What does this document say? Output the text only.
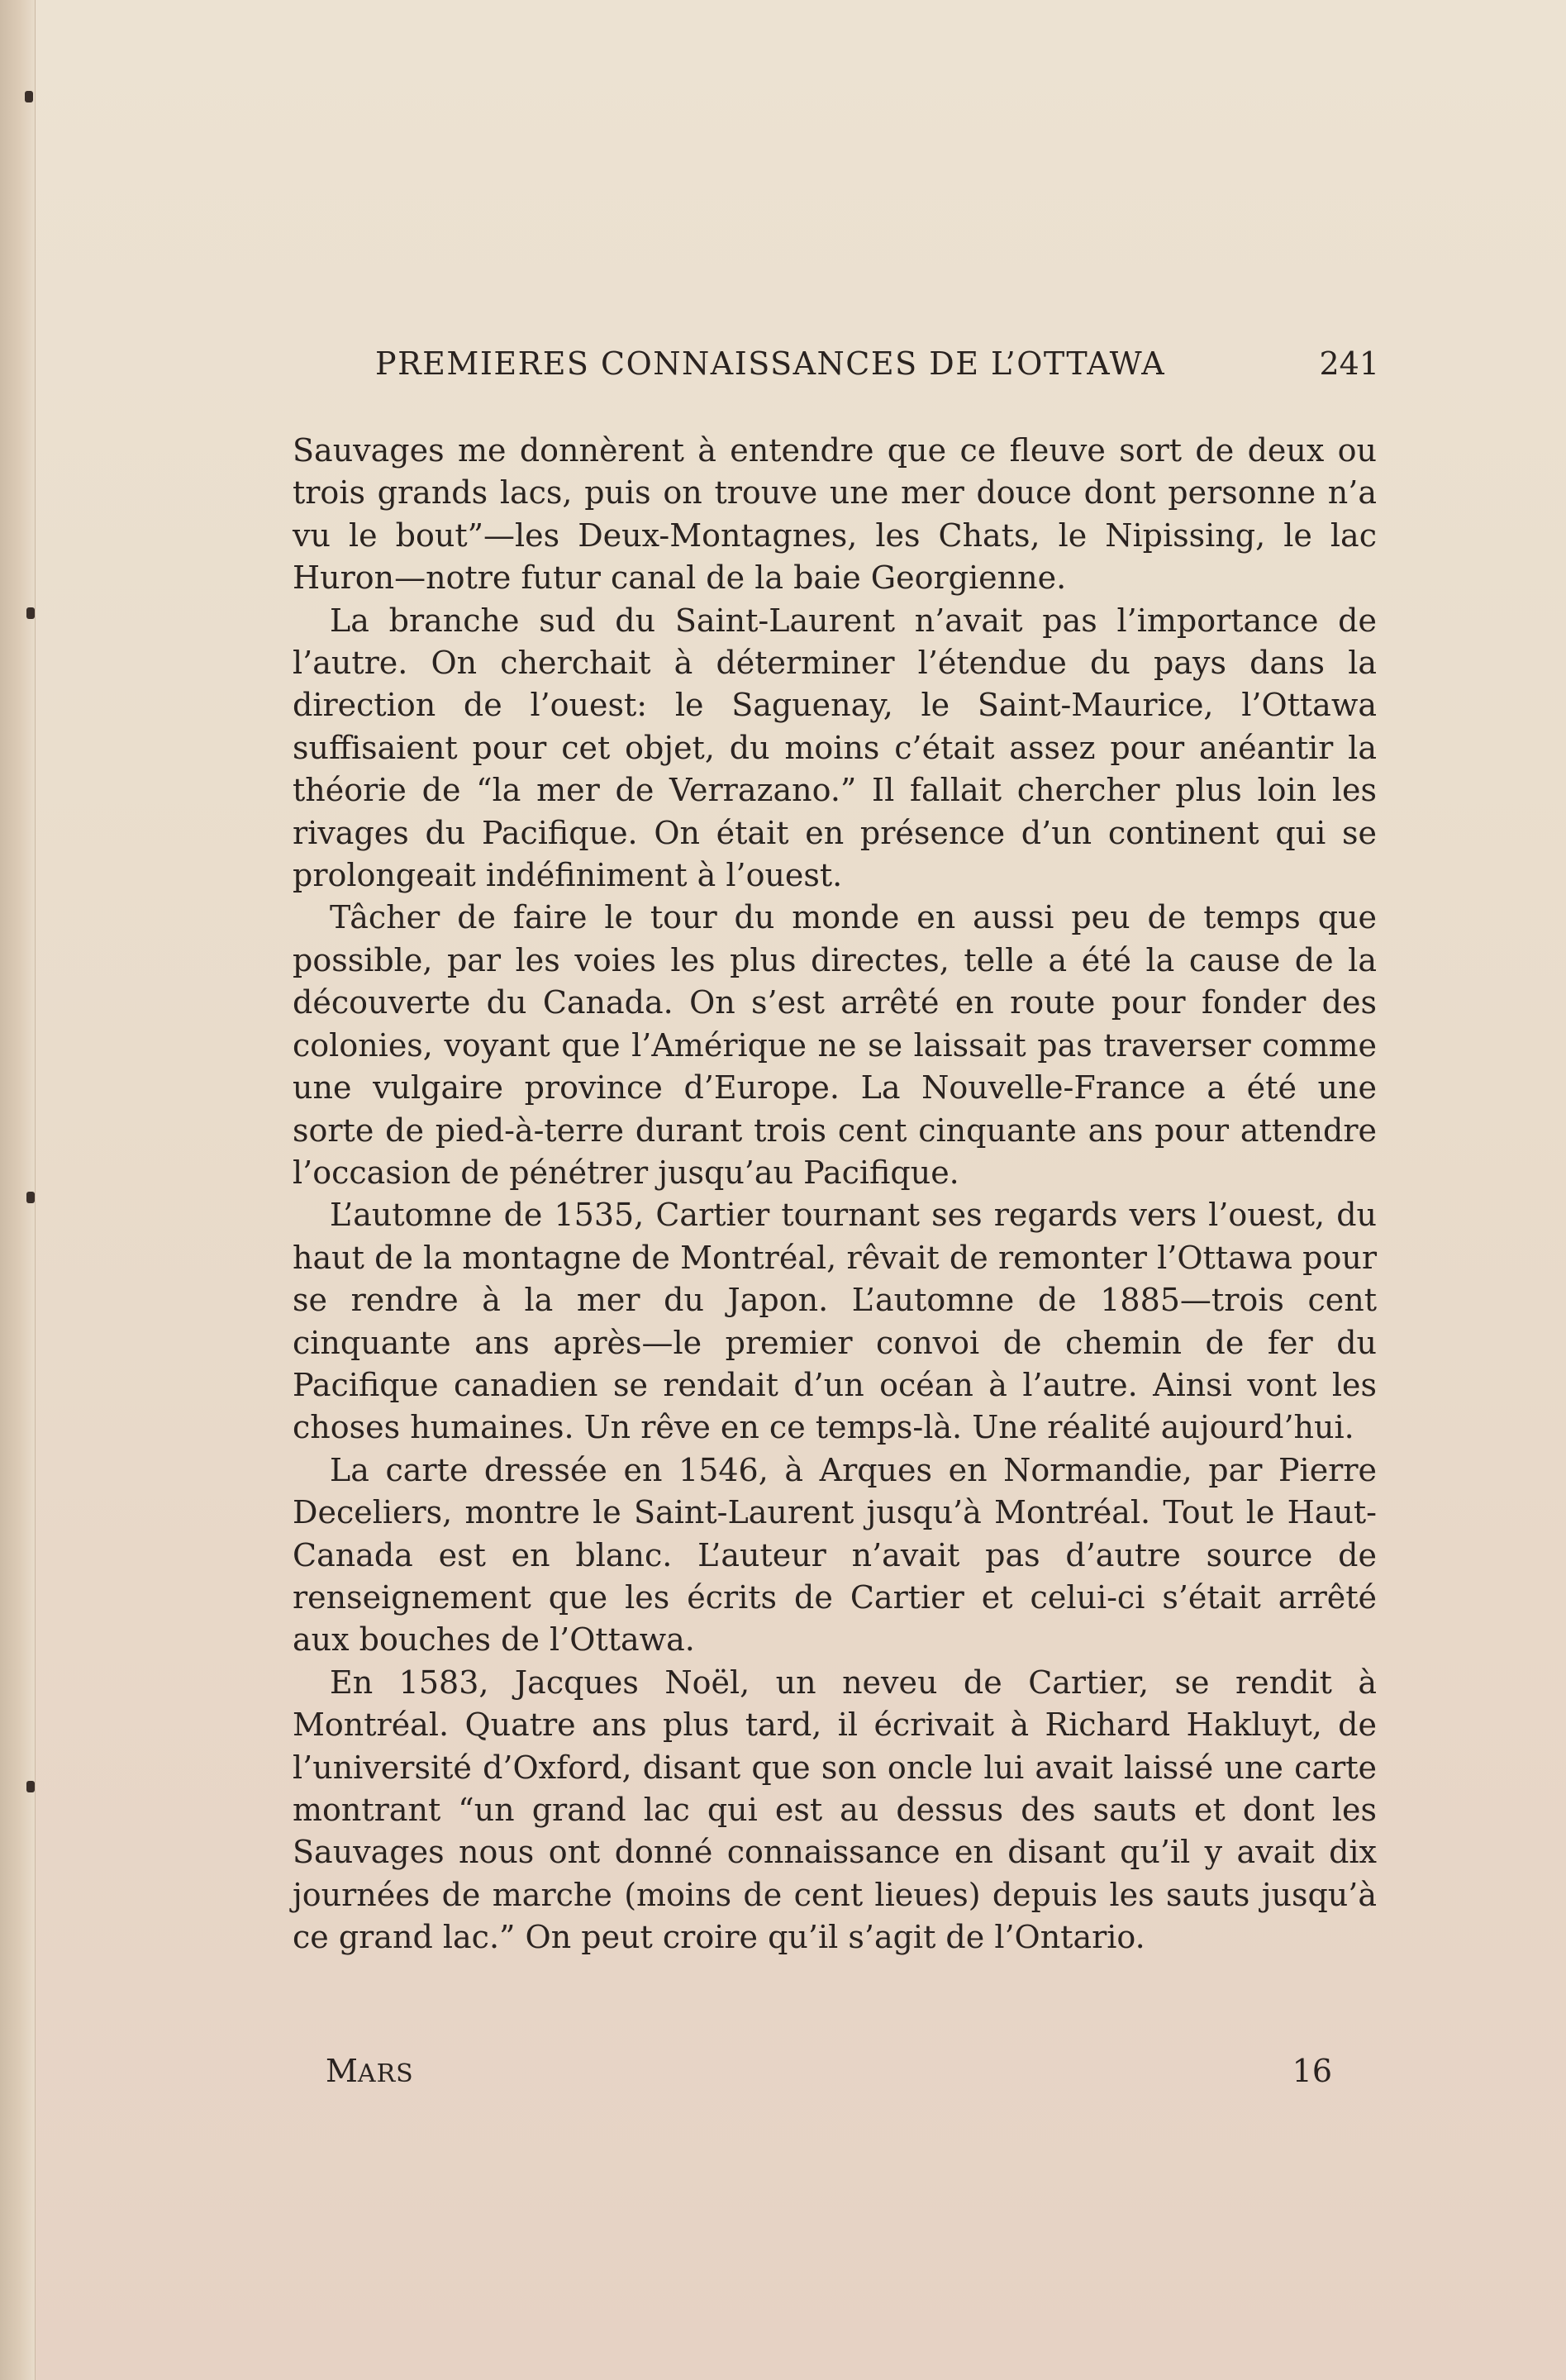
PREMIERES CONNAISSANCES DE L’OTTAWA	241

Sauvages me donnèrent à entendre que ce fleuve sort de deux ou trois grands lacs, puis on trouve une mer douce dont personne n’a vu le bout”—les Deux-Montagnes, les Chats, le Nipissing, le lac Huron—notre futur canal de la baie Georgienne.

La branche sud du Saint-Laurent n’avait pas l’importance de l’autre. On cherchait à déterminer l’étendue du pays dans la direction de l’ouest: le Saguenay, le Saint-Maurice, l’Ottawa suffisaient pour cet objet, du moins c’était assez pour anéantir la théorie de “la mer de Verrazano.” Il fallait chercher plus loin les rivages du Pacifique. On était en présence d’un continent qui se prolongeait indéfiniment à l’ouest.

Tâcher de faire le tour du monde en aussi peu de temps que possible, par les voies les plus directes, telle a été la cause de la découverte du Canada. On s’est arrêté en route pour fonder des colonies, voyant que l’Amérique ne se laissait pas traverser comme une vulgaire province d’Europe. La Nouvelle-France a été une sorte de pied-à-terre durant trois cent cinquante ans pour attendre l’occasion de pénétrer jusqu’au Pacifique.

L’automne de 1535, Cartier tournant ses regards vers l’ouest, du haut de la montagne de Montréal, rêvait de remonter l’Ottawa pour se rendre à la mer du Japon. L’automne de 1885—trois cent cinquante ans après—le premier convoi de chemin de fer du Pacifique canadien se rendait d’un océan à l’autre. Ainsi vont les choses humaines. Un rêve en ce temps-là. Une réalité aujourd’hui.

La carte dressée en 1546, à Arques en Normandie, par Pierre Deceliers, montre le Saint-Laurent jusqu’à Montréal. Tout le Haut-Canada est en blanc. L’auteur n’avait pas d’autre source de renseignement que les écrits de Cartier et celui-ci s’était arrêté aux bouches de l’Ottawa.

En 1583, Jacques Noël, un neveu de Cartier, se rendit à Montréal. Quatre ans plus tard, il écrivait à Richard Hakluyt, de l’université d’Oxford, disant que son oncle lui avait laissé une carte montrant “un grand lac qui est au dessus des sauts et dont les Sauvages nous ont donné connaissance en disant qu’il y avait dix journées de marche (moins de cent lieues) depuis les sauts jusqu’à ce grand lac.” On peut croire qu’il s’agit de l’Ontario.

MARS	16
